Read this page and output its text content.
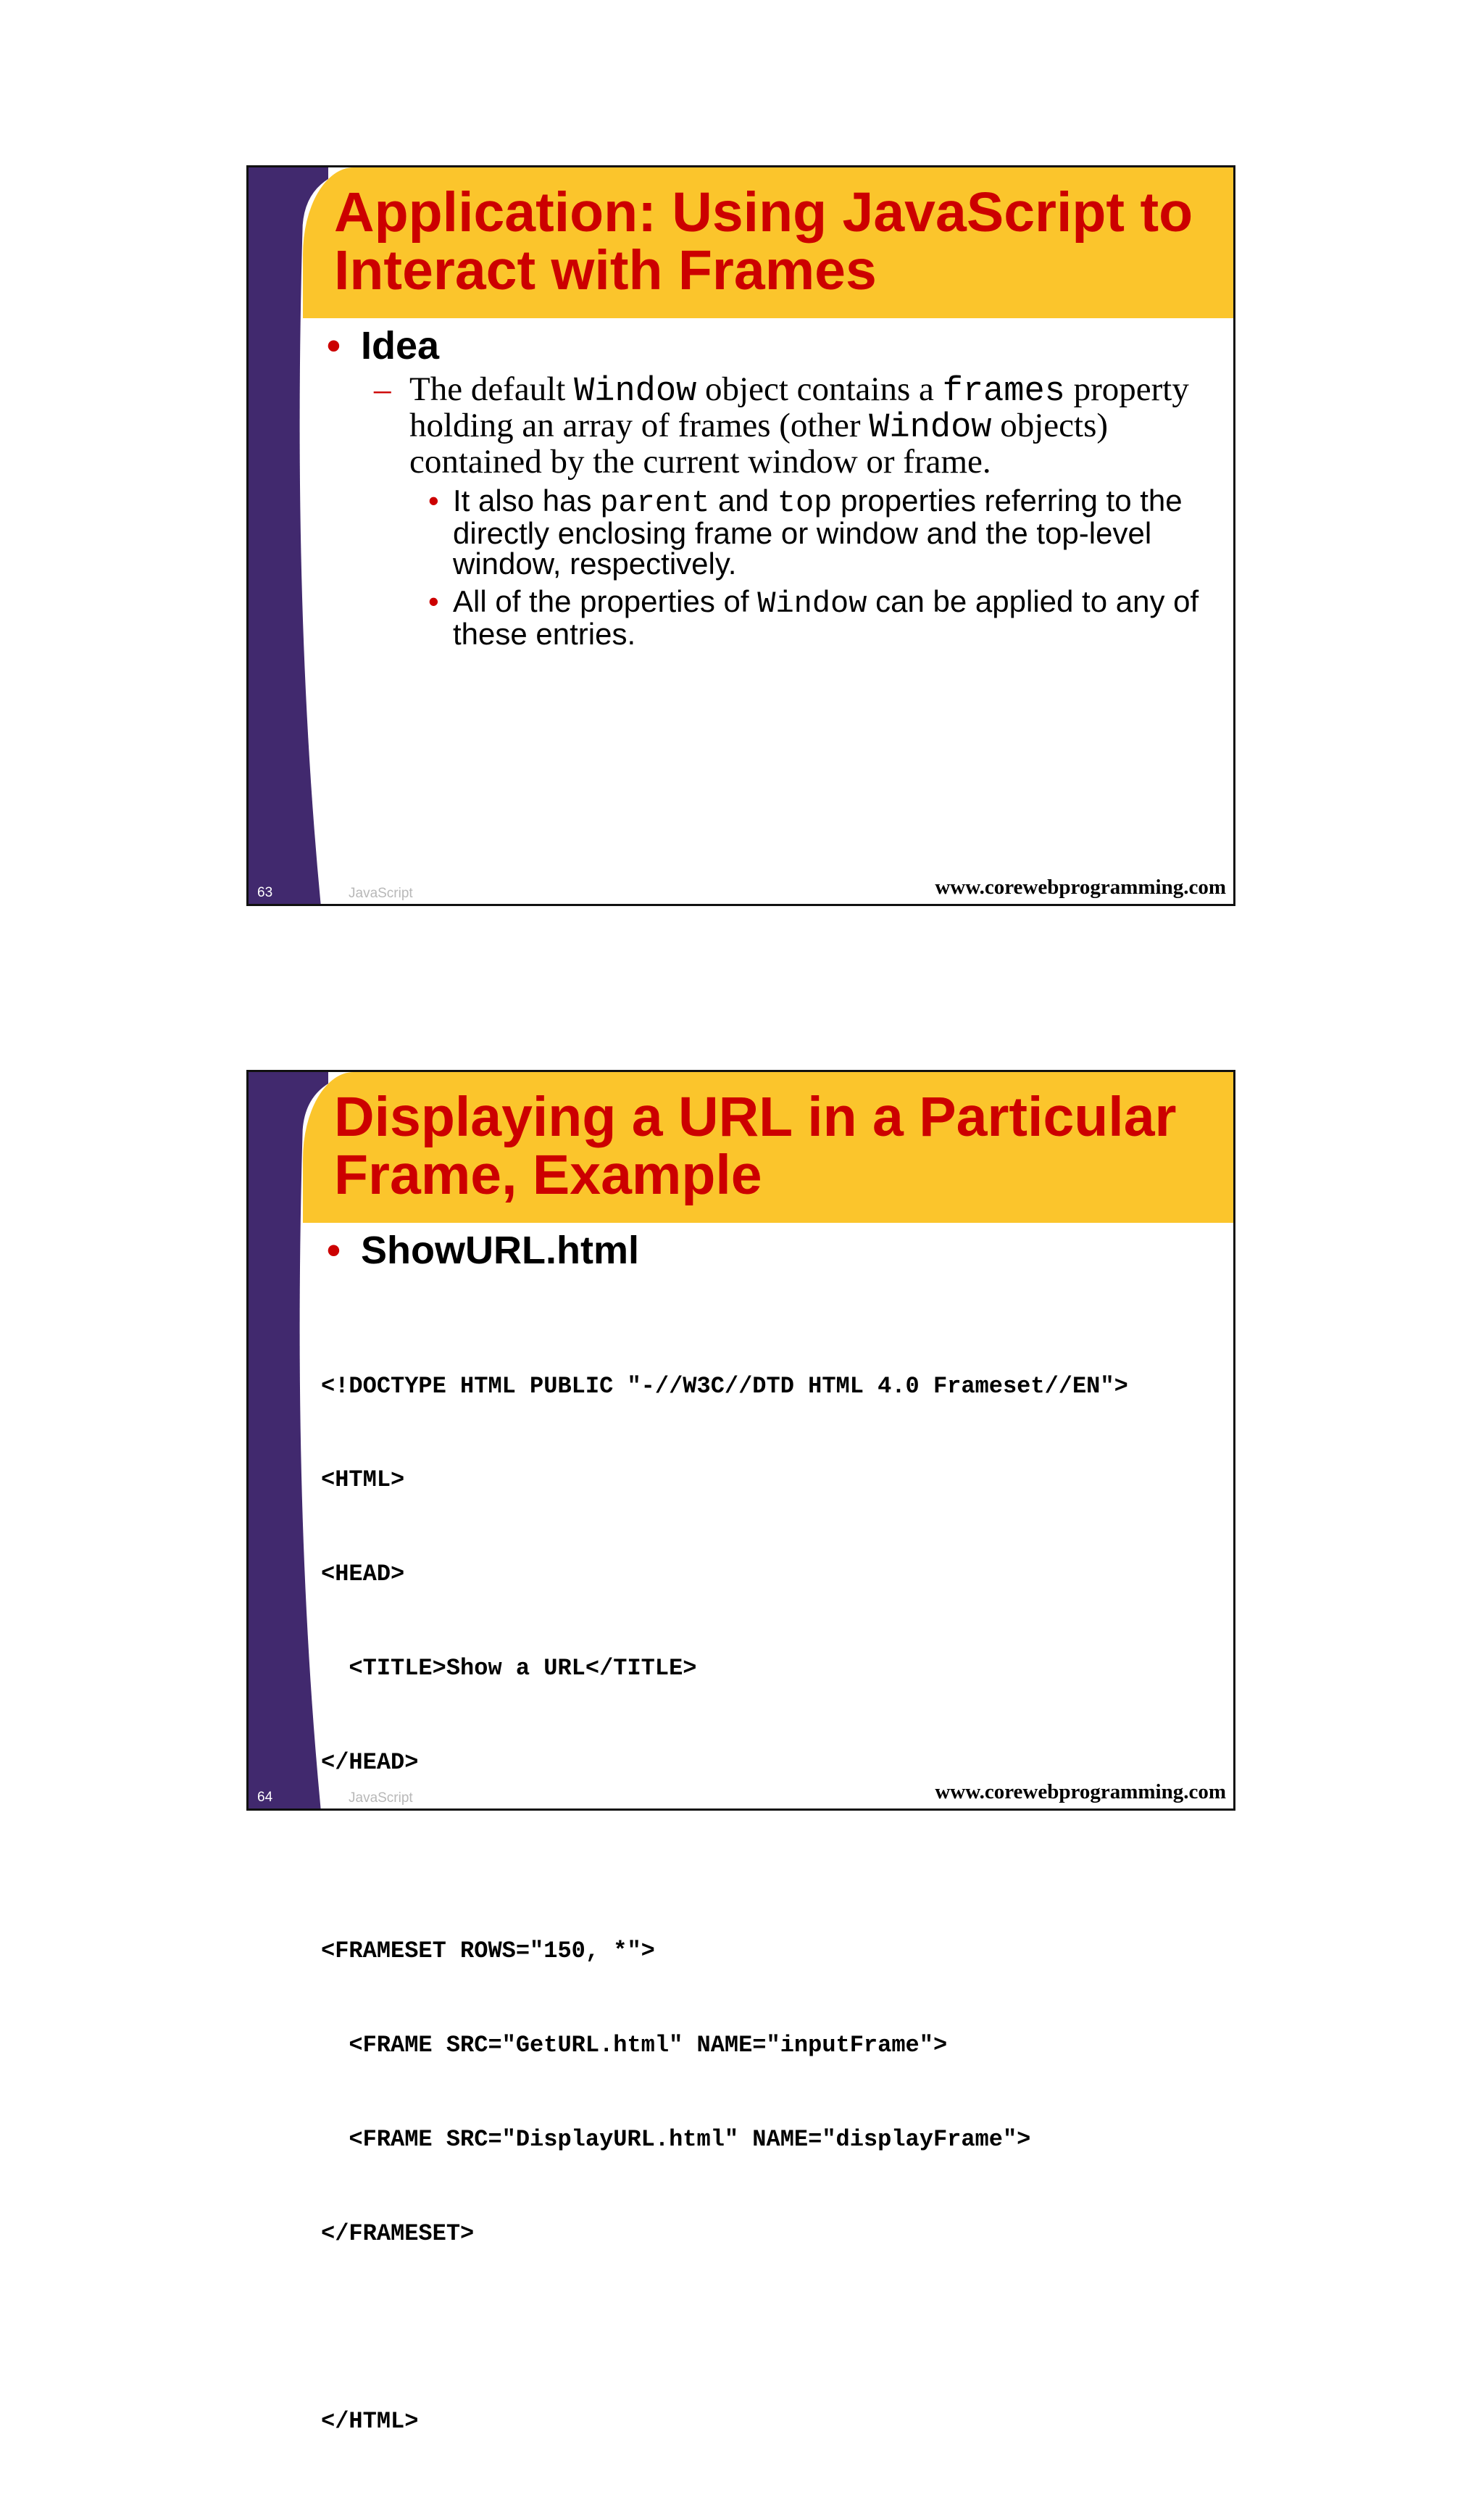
Application: Using JavaScript to Interact with Frames
• Idea
– The default Window object contains a frames property holding an array of frames (other Window objects) contained by the current window or frame.
• It also has parent and top properties referring to the directly enclosing frame or window and the top-level window, respectively.
• All of the properties of Window can be applied to any of these entries.
63	JavaScript	www.corewebprogramming.com
Displaying a URL in a Particular Frame, Example
• ShowURL.html

<!DOCTYPE HTML PUBLIC "-//W3C//DTD HTML 4.0 Frameset//EN">

<HTML>

<HEAD>

<TITLE>Show a URL</TITLE>

</HEAD>

<FRAMESET ROWS="150, *">

<FRAME SRC="GetURL.html" NAME="inputFrame">

<FRAME SRC="DisplayURL.html" NAME="displayFrame">

</FRAMESET>

</HTML>

64	JavaScript	www.corewebprogramming.com
